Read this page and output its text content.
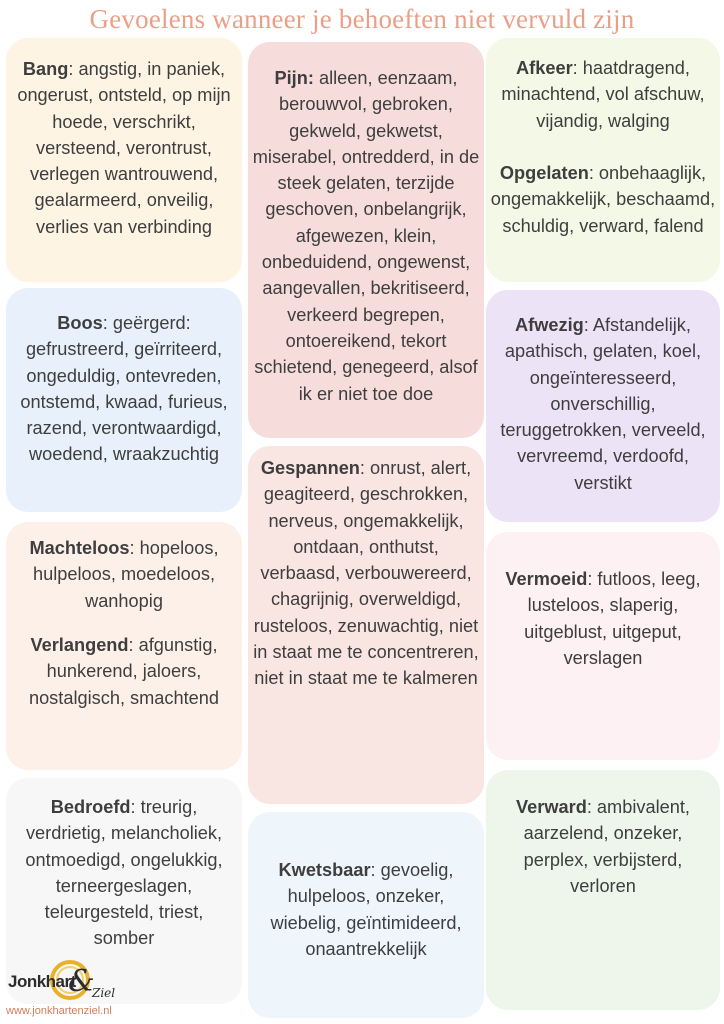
Gevoelens wanneer je behoeften niet vervuld zijn
Bang: angstig, in paniek, ongerust, ontsteld, op mijn hoede, verschrikt, versteend, verontrust, verlegen wantrouwend, gealarmeerd, onveilig, verlies van verbinding
Boos: geërgerd: gefrustreerd, geïrriteerd, ongeduldig, ontevreden, ontstemd, kwaad, furieus, razend, verontwaardigd, woedend, wraakzuchtig
Machteloos: hopeloos, hulpeloos, moedeloos, wanhopig
Verlangend: afgunstig, hunkerend, jaloers, nostalgisch, smachtend
Bedroefd: treurig, verdrietig, melancholiek, ontmoedigd, ongelukkig, terneergeslagen, teleurgesteld, triest, somber
Pijn: alleen, eenzaam, berouwvol, gebroken, gekweld, gekwetst, miserabel, ontredderd, in de steek gelaten, terzijde geschoven, onbelangrijk, afgewezen, klein, onbeduidend, ongewenst, aangevallen, bekritiseerd, verkeerd begrepen, ontoereikend, tekort schietend, genegeerd, alsof ik er niet toe doe
Gespannen: onrust, alert, geagiteerd, geschrokken, nerveus, ongemakkelijk, ontdaan, onthutst, verbaasd, verbouwereerd, chagrijnig, overweldigd, rusteloos, zenuwachtig, niet in staat me te concentreren, niet in staat me te kalmeren
Kwetsbaar: gevoelig, hulpeloos, onzeker, wiebelig, geïntimideerd, onaantrekkelijk
Afkeer: haatdragend, minachtend, vol afschuw, vijandig, walging
Opgelaten: onbehaaglijk, ongemakkelijk, beschaamd, schuldig, verward, falend
Afwezig: Afstandelijk, apathisch, gelaten, koel, ongeïnteresseerd, onverschillig, teruggetrokken, verveeld, vervreemd, verdoofd, verstikt
Vermoeid: futloos, leeg, lusteloos, slaperig, uitgeblust, uitgeput, verslagen
Verward: ambivalent, aarzelend, onzeker, perplex, verbijsterd, verloren
Jonkhart
&
Ziel
www.jonkhartenziel.nl
